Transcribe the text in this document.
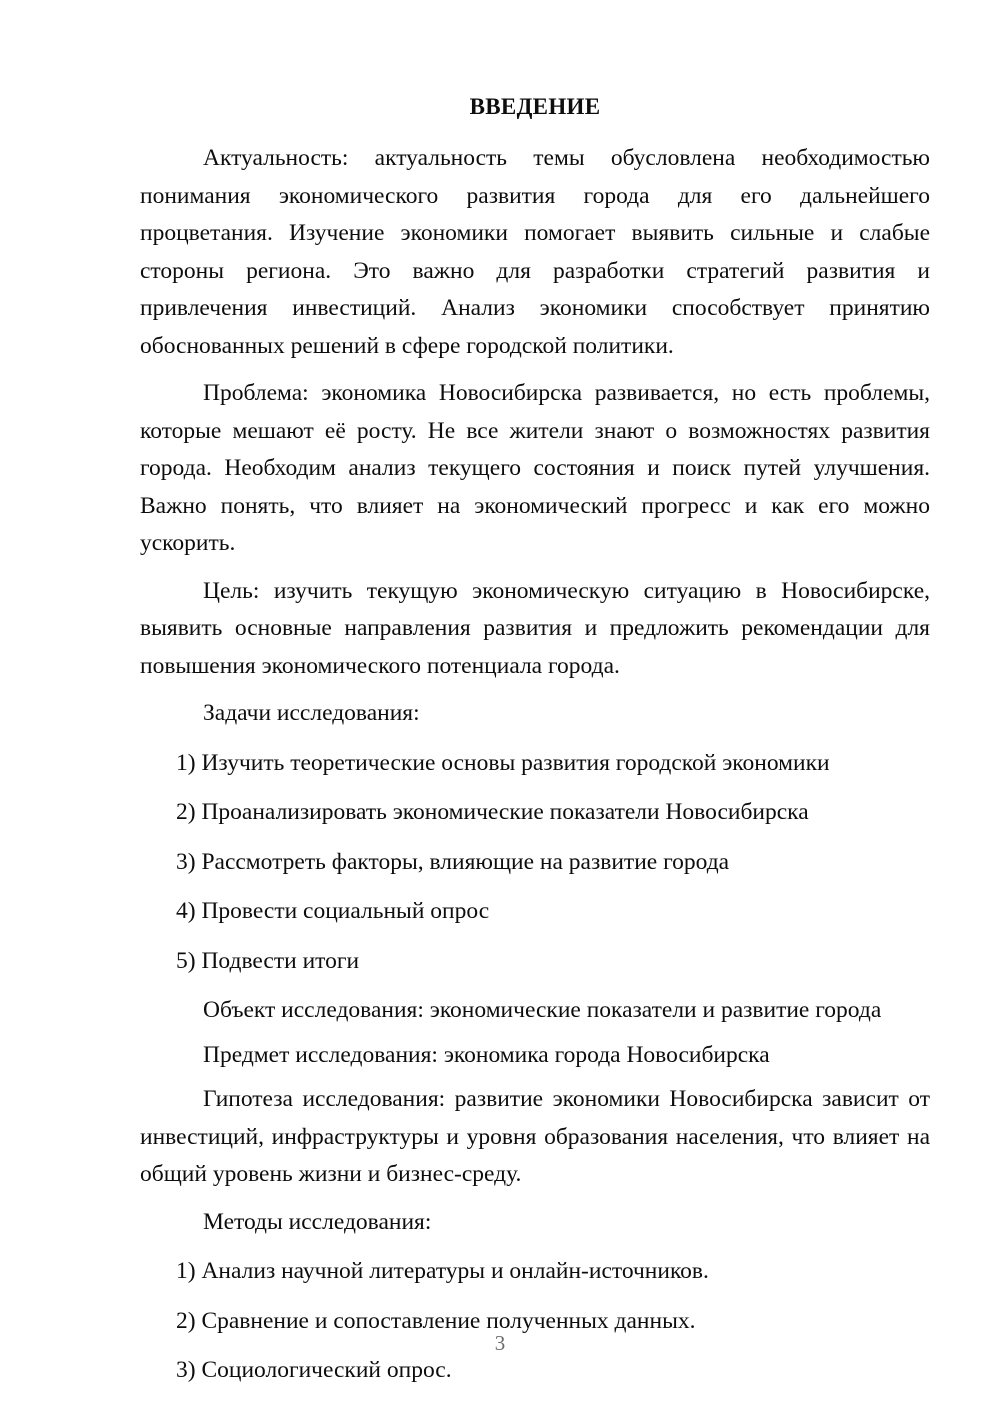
ВВЕДЕНИЕ

Актуальность: актуальность темы обусловлена необходимостью понимания экономического развития города для его дальнейшего процветания. Изучение экономики помогает выявить сильные и слабые стороны региона. Это важно для разработки стратегий развития и привлечения инвестиций. Анализ экономики способствует принятию обоснованных решений в сфере городской политики.

Проблема: экономика Новосибирска развивается, но есть проблемы, которые мешают её росту. Не все жители знают о возможностях развития города. Необходим анализ текущего состояния и поиск путей улучшения. Важно понять, что влияет на экономический прогресс и как его можно ускорить.

Цель: изучить текущую экономическую ситуацию в Новосибирске, выявить основные направления развития и предложить рекомендации для повышения экономического потенциала города.

Задачи исследования:

1) Изучить теоретические основы развития городской экономики

2) Проанализировать экономические показатели Новосибирска

3) Рассмотреть факторы, влияющие на развитие города

4) Провести социальный опрос

5) Подвести итоги

Объект исследования: экономические показатели и развитие города

Предмет исследования: экономика города Новосибирска

Гипотеза исследования: развитие экономики Новосибирска зависит от инвестиций, инфраструктуры и уровня образования населения, что влияет на общий уровень жизни и бизнес-среду.

Методы исследования:

1) Анализ научной литературы и онлайн-источников.

2) Сравнение и сопоставление полученных данных.

3) Социологический опрос.

3
